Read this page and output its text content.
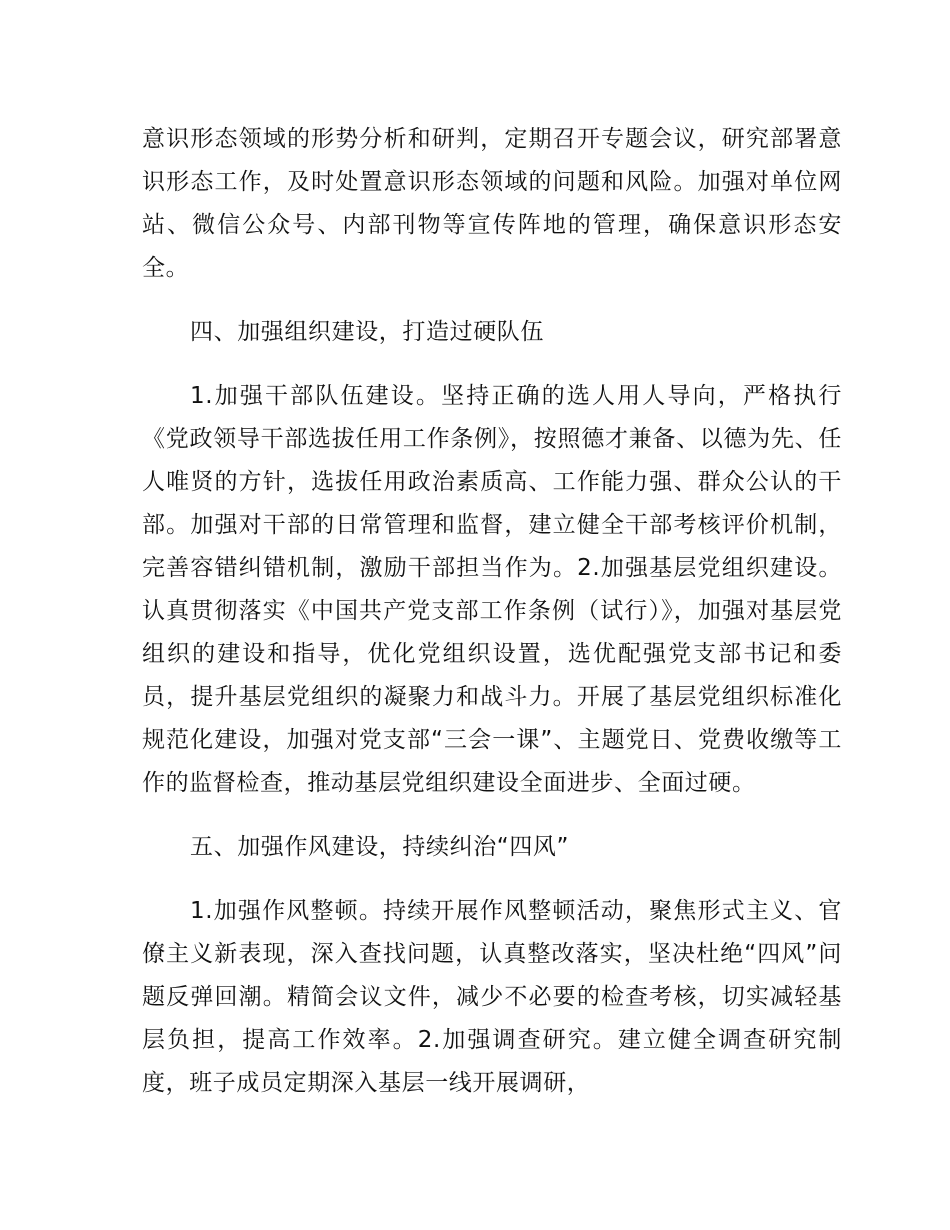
意识形态领域的形势分析和研判，定期召开专题会议，研究部署意识形态工作，及时处置意识形态领域的问题和风险。加强对单位网站、微信公众号、内部刊物等宣传阵地的管理，确保意识形态安全。

四、加强组织建设，打造过硬队伍

1.加强干部队伍建设。坚持正确的选人用人导向，严格执行《党政领导干部选拔任用工作条例》，按照德才兼备、以德为先、任人唯贤的方针，选拔任用政治素质高、工作能力强、群众公认的干部。加强对干部的日常管理和监督，建立健全干部考核评价机制，完善容错纠错机制，激励干部担当作为。2.加强基层党组织建设。认真贯彻落实《中国共产党支部工作条例（试行）》，加强对基层党组织的建设和指导，优化党组织设置，选优配强党支部书记和委员，提升基层党组织的凝聚力和战斗力。开展了基层党组织标准化规范化建设，加强对党支部“三会一课”、主题党日、党费收缴等工作的监督检查，推动基层党组织建设全面进步、全面过硬。

五、加强作风建设，持续纠治“四风”

1.加强作风整顿。持续开展作风整顿活动，聚焦形式主义、官僚主义新表现，深入查找问题，认真整改落实，坚决杜绝“四风”问题反弹回潮。精简会议文件，减少不必要的检查考核，切实减轻基层负担，提高工作效率。2.加强调查研究。建立健全调查研究制度，班子成员定期深入基层一线开展调研，
